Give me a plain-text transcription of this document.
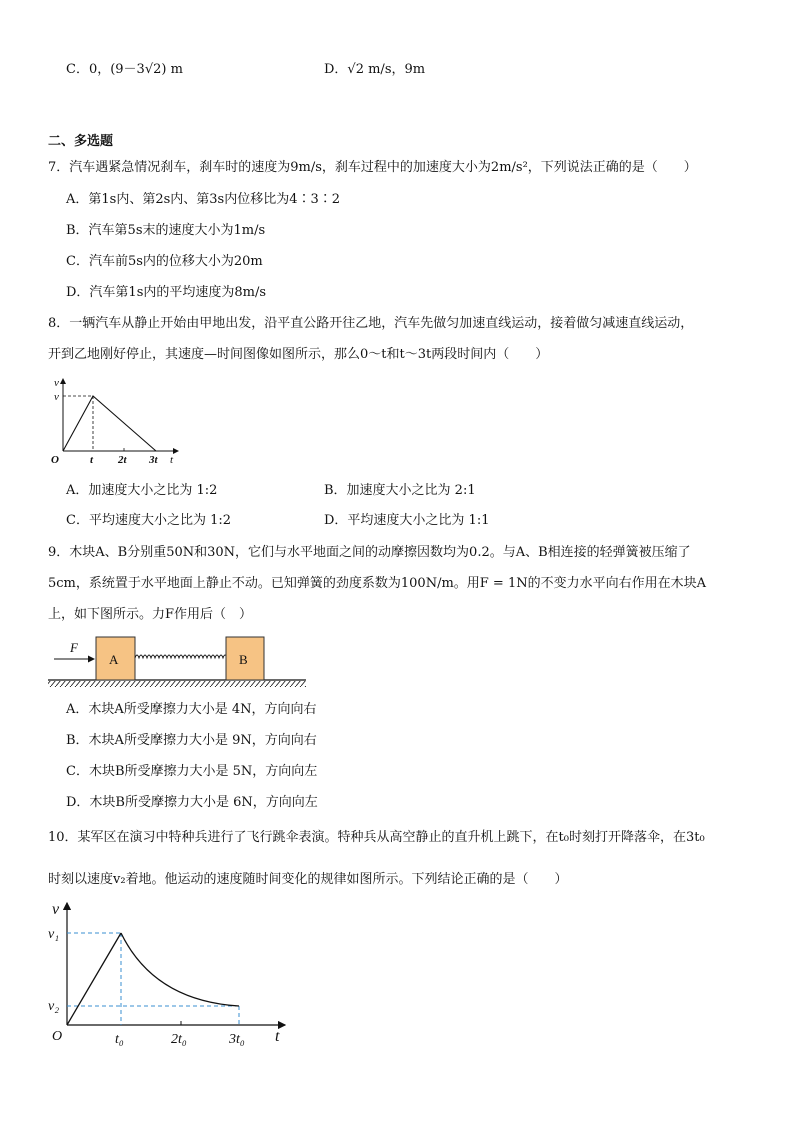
C．0，(9－3√2) m	D．√2 m/s，9m
二、多选题
7．汽车遇紧急情况刹车，刹车时的速度为9m/s，刹车过程中的加速度大小为2m/s²，下列说法正确的是（　　）
A．第1s内、第2s内、第3s内位移比为4∶3∶2
B．汽车第5s末的速度大小为1m/s
C．汽车前5s内的位移大小为20m
D．汽车第1s内的平均速度为8m/s
8．一辆汽车从静止开始由甲地出发，沿平直公路开往乙地，汽车先做匀加速直线运动，接着做匀减速直线运动，
开到乙地刚好停止，其速度—时间图像如图所示，那么0～t和t～3t两段时间内（　　）
v
v
O	t 2t 3t t
A．加速度大小之比为 1:2	B．加速度大小之比为 2:1
C．平均速度大小之比为 1:2	D．平均速度大小之比为 1:1
9．木块A、B分别重50N和30N，它们与水平地面之间的动摩擦因数均为0.2。与A、B相连接的轻弹簧被压缩了
5cm，系统置于水平地面上静止不动。已知弹簧的劲度系数为100N/m。用F = 1N的不变力水平向右作用在木块A
上，如下图所示。力F作用后（　）
F
A	B
A．木块A所受摩擦力大小是 4N，方向向右
B．木块A所受摩擦力大小是 9N，方向向右
C．木块B所受摩擦力大小是 5N，方向向左
D．木块B所受摩擦力大小是 6N，方向向左
10．某军区在演习中特种兵进行了飞行跳伞表演。特种兵从高空静止的直升机上跳下，在t₀时刻打开降落伞，在3t₀
时刻以速度v₂着地。他运动的速度随时间变化的规律如图所示。下列结论正确的是（　　）
v
v₁
v₂
O	t₀	2t₀	3t₀ t
